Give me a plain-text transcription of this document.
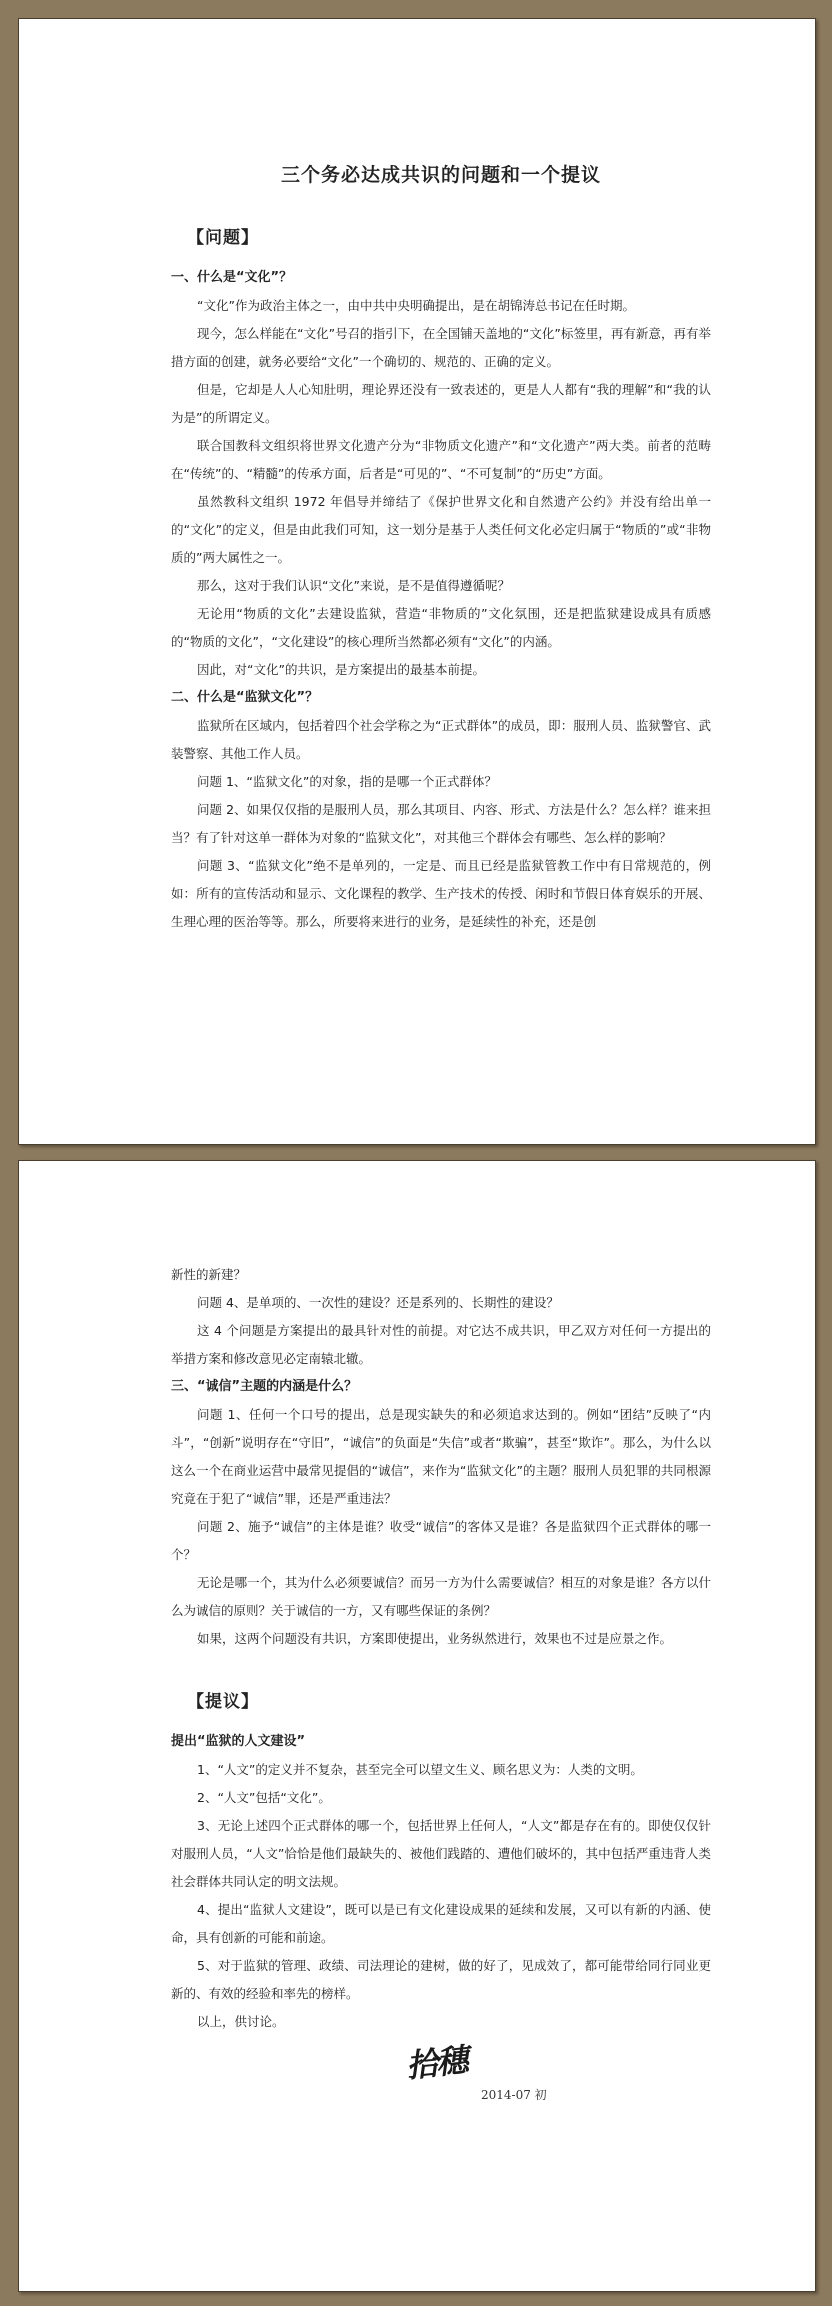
三个务必达成共识的问题和一个提议
【问题】
一、什么是“文化”？

“文化”作为政治主体之一，由中共中央明确提出，是在胡锦涛总书记在任时期。

现今，怎么样能在“文化”号召的指引下，在全国铺天盖地的“文化”标签里，再有新意，再有举措方面的创建，就务必要给“文化”一个确切的、规范的、正确的定义。

但是，它却是人人心知肚明，理论界还没有一致表述的，更是人人都有“我的理解”和“我的认为是”的所谓定义。

联合国教科文组织将世界文化遗产分为“非物质文化遗产”和“文化遗产”两大类。前者的范畴在“传统”的、“精髓”的传承方面，后者是“可见的”、“不可复制”的“历史”方面。

虽然教科文组织 1972 年倡导并缔结了《保护世界文化和自然遗产公约》并没有给出单一的“文化”的定义，但是由此我们可知，这一划分是基于人类任何文化必定归属于“物质的”或“非物质的”两大属性之一。

那么，这对于我们认识“文化”来说，是不是值得遵循呢？

无论用“物质的文化”去建设监狱，营造“非物质的”文化氛围，还是把监狱建设成具有质感的“物质的文化”，“文化建设”的核心理所当然都必须有“文化”的内涵。

因此，对“文化”的共识，是方案提出的最基本前提。

二、什么是“监狱文化”？

监狱所在区域内，包括着四个社会学称之为“正式群体”的成员，即：服刑人员、监狱警官、武装警察、其他工作人员。

问题 1、“监狱文化”的对象，指的是哪一个正式群体？

问题 2、如果仅仅指的是服刑人员，那么其项目、内容、形式、方法是什么？怎么样？谁来担当？有了针对这单一群体为对象的“监狱文化”，对其他三个群体会有哪些、怎么样的影响？

问题 3、“监狱文化”绝不是单列的，一定是、而且已经是监狱管教工作中有日常规范的，例如：所有的宣传活动和显示、文化课程的教学、生产技术的传授、闲时和节假日体育娱乐的开展、生理心理的医治等等。那么，所要将来进行的业务，是延续性的补充，还是创

新性的新建？

问题 4、是单项的、一次性的建设？还是系列的、长期性的建设？

这 4 个问题是方案提出的最具针对性的前提。对它达不成共识，甲乙双方对任何一方提出的举措方案和修改意见必定南辕北辙。

三、“诚信”主题的内涵是什么？

问题 1、任何一个口号的提出，总是现实缺失的和必须追求达到的。例如“团结”反映了“内斗”，“创新”说明存在“守旧”，“诚信”的负面是“失信”或者“欺骗”，甚至“欺诈”。那么，为什么以这么一个在商业运营中最常见提倡的“诚信”，来作为“监狱文化”的主题？服刑人员犯罪的共同根源究竟在于犯了“诚信”罪，还是严重违法？

问题 2、施予“诚信”的主体是谁？收受“诚信”的客体又是谁？各是监狱四个正式群体的哪一个？

无论是哪一个，其为什么必须要诚信？而另一方为什么需要诚信？相互的对象是谁？各方以什么为诚信的原则？关于诚信的一方，又有哪些保证的条例？

如果，这两个问题没有共识，方案即使提出，业务纵然进行，效果也不过是应景之作。

【提议】
提出“监狱的人文建设”

1、“人文”的定义并不复杂，甚至完全可以望文生义、顾名思义为：人类的文明。

2、“人文”包括“文化”。

3、无论上述四个正式群体的哪一个，包括世界上任何人，“人文”都是存在有的。即使仅仅针对服刑人员，“人文”恰恰是他们最缺失的、被他们践踏的、遭他们破坏的，其中包括严重违背人类社会群体共同认定的明文法规。

4、提出“监狱人文建设”，既可以是已有文化建设成果的延续和发展，又可以有新的内涵、使命，具有创新的可能和前途。

5、对于监狱的管理、政绩、司法理论的建树，做的好了，见成效了，都可能带给同行同业更新的、有效的经验和率先的榜样。

以上，供讨论。

拾穗
2014-07 初
